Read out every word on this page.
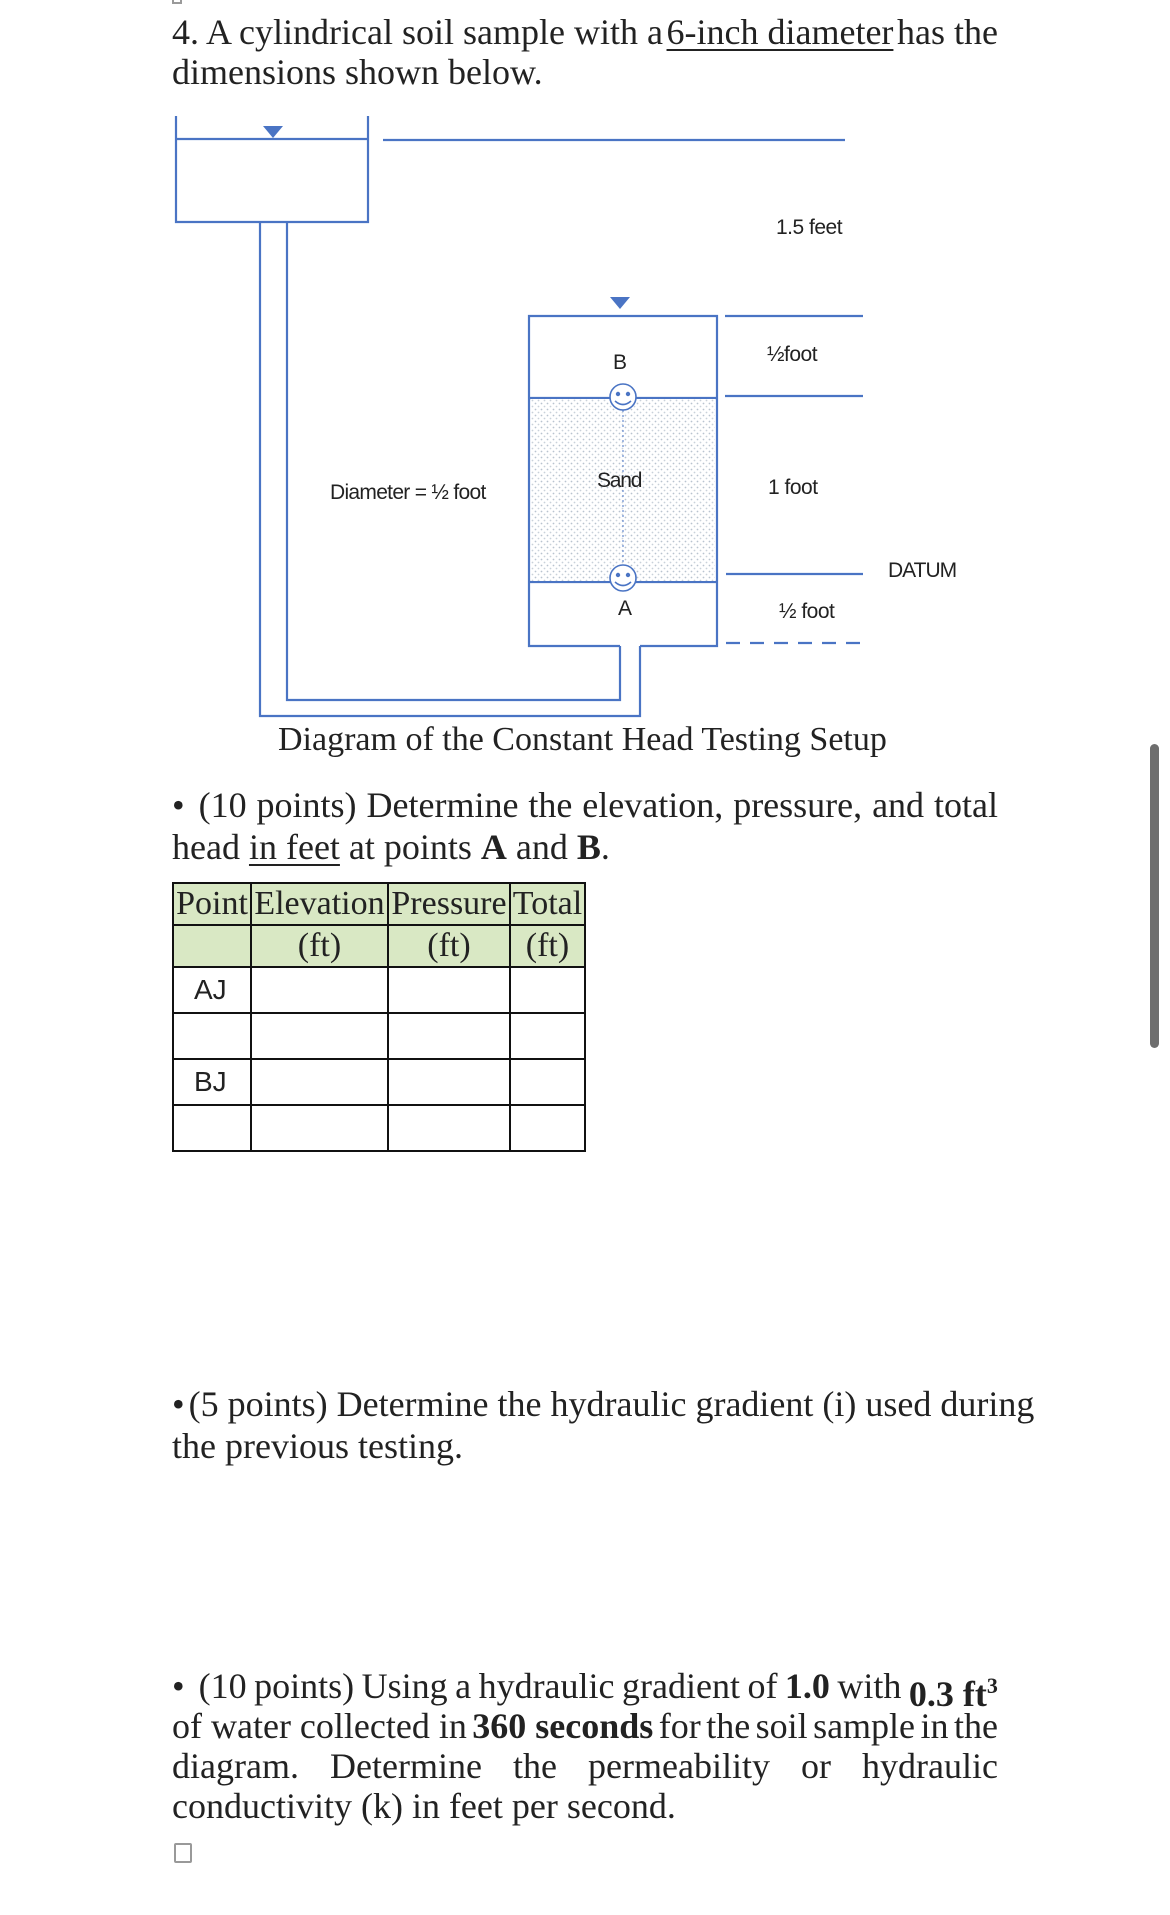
4. A cylindrical soil sample with a 6-inch diameter has the
dimensions shown below.
1.5 feet
B	½foot
Diameter = ½ foot
Sand	1 foot
DATUM
A	½ foot
Diagram of the Constant Head Testing Setup
• (10 points) Determine the elevation, pressure, and total
head in feet at points A and B.
Point	Elevation	Pressure	Total
	(ft)	(ft)	(ft)
AJ			

BJ			

• (5 points) Determine the hydraulic gradient (i) used during
the previous testing.
• (10 points) Using a hydraulic gradient of 1.0 with 0.3 $ft^3$
of water collected in 360 seconds for the soil sample in the
diagram. Determine the permeability or hydraulic
conductivity (k) in feet per second.
